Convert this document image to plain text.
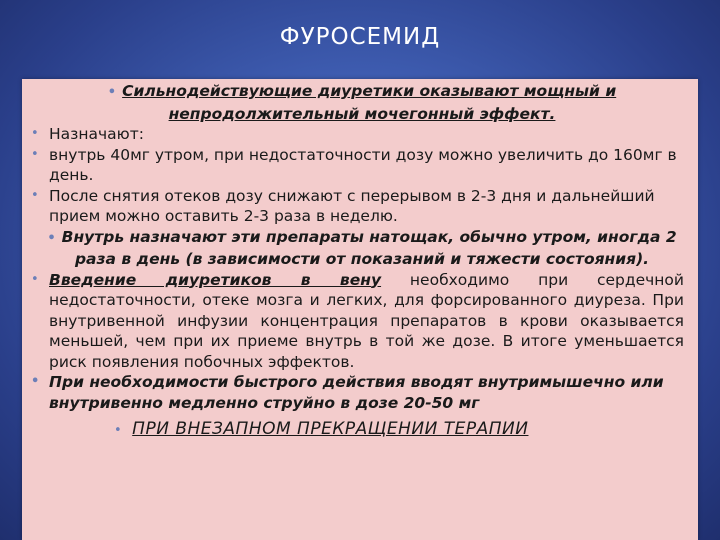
ФУРОСЕМИД
• Сильнодействующие диуретики оказывают мощный и непродолжительный мочегонный эффект.
• Назначают:
• внутрь 40мг утром, при недостаточности дозу можно увеличить до 160мг в день.
• После снятия отеков дозу снижают с перерывом в 2-3 дня и дальнейший прием можно оставить 2-3 раза в неделю.
• Внутрь назначают эти препараты натощак, обычно утром, иногда 2 раза в день (в зависимости от показаний и тяжести состояния).
• Введение диуретиков в вену необходимо при сердечной недостаточности, отеке мозга и легких, для форсированного диуреза. При внутривенной инфузии концентрация препаратов в крови оказывается меньшей, чем при их приеме внутрь в той же дозе. В итоге уменьшается риск появления побочных эффектов.
• При необходимости быстрого действия вводят внутримышечно или внутривенно медленно струйно в дозе 20-50 мг
• ПРИ ВНЕЗАПНОМ ПРЕКРАЩЕНИИ ТЕРАПИИ
